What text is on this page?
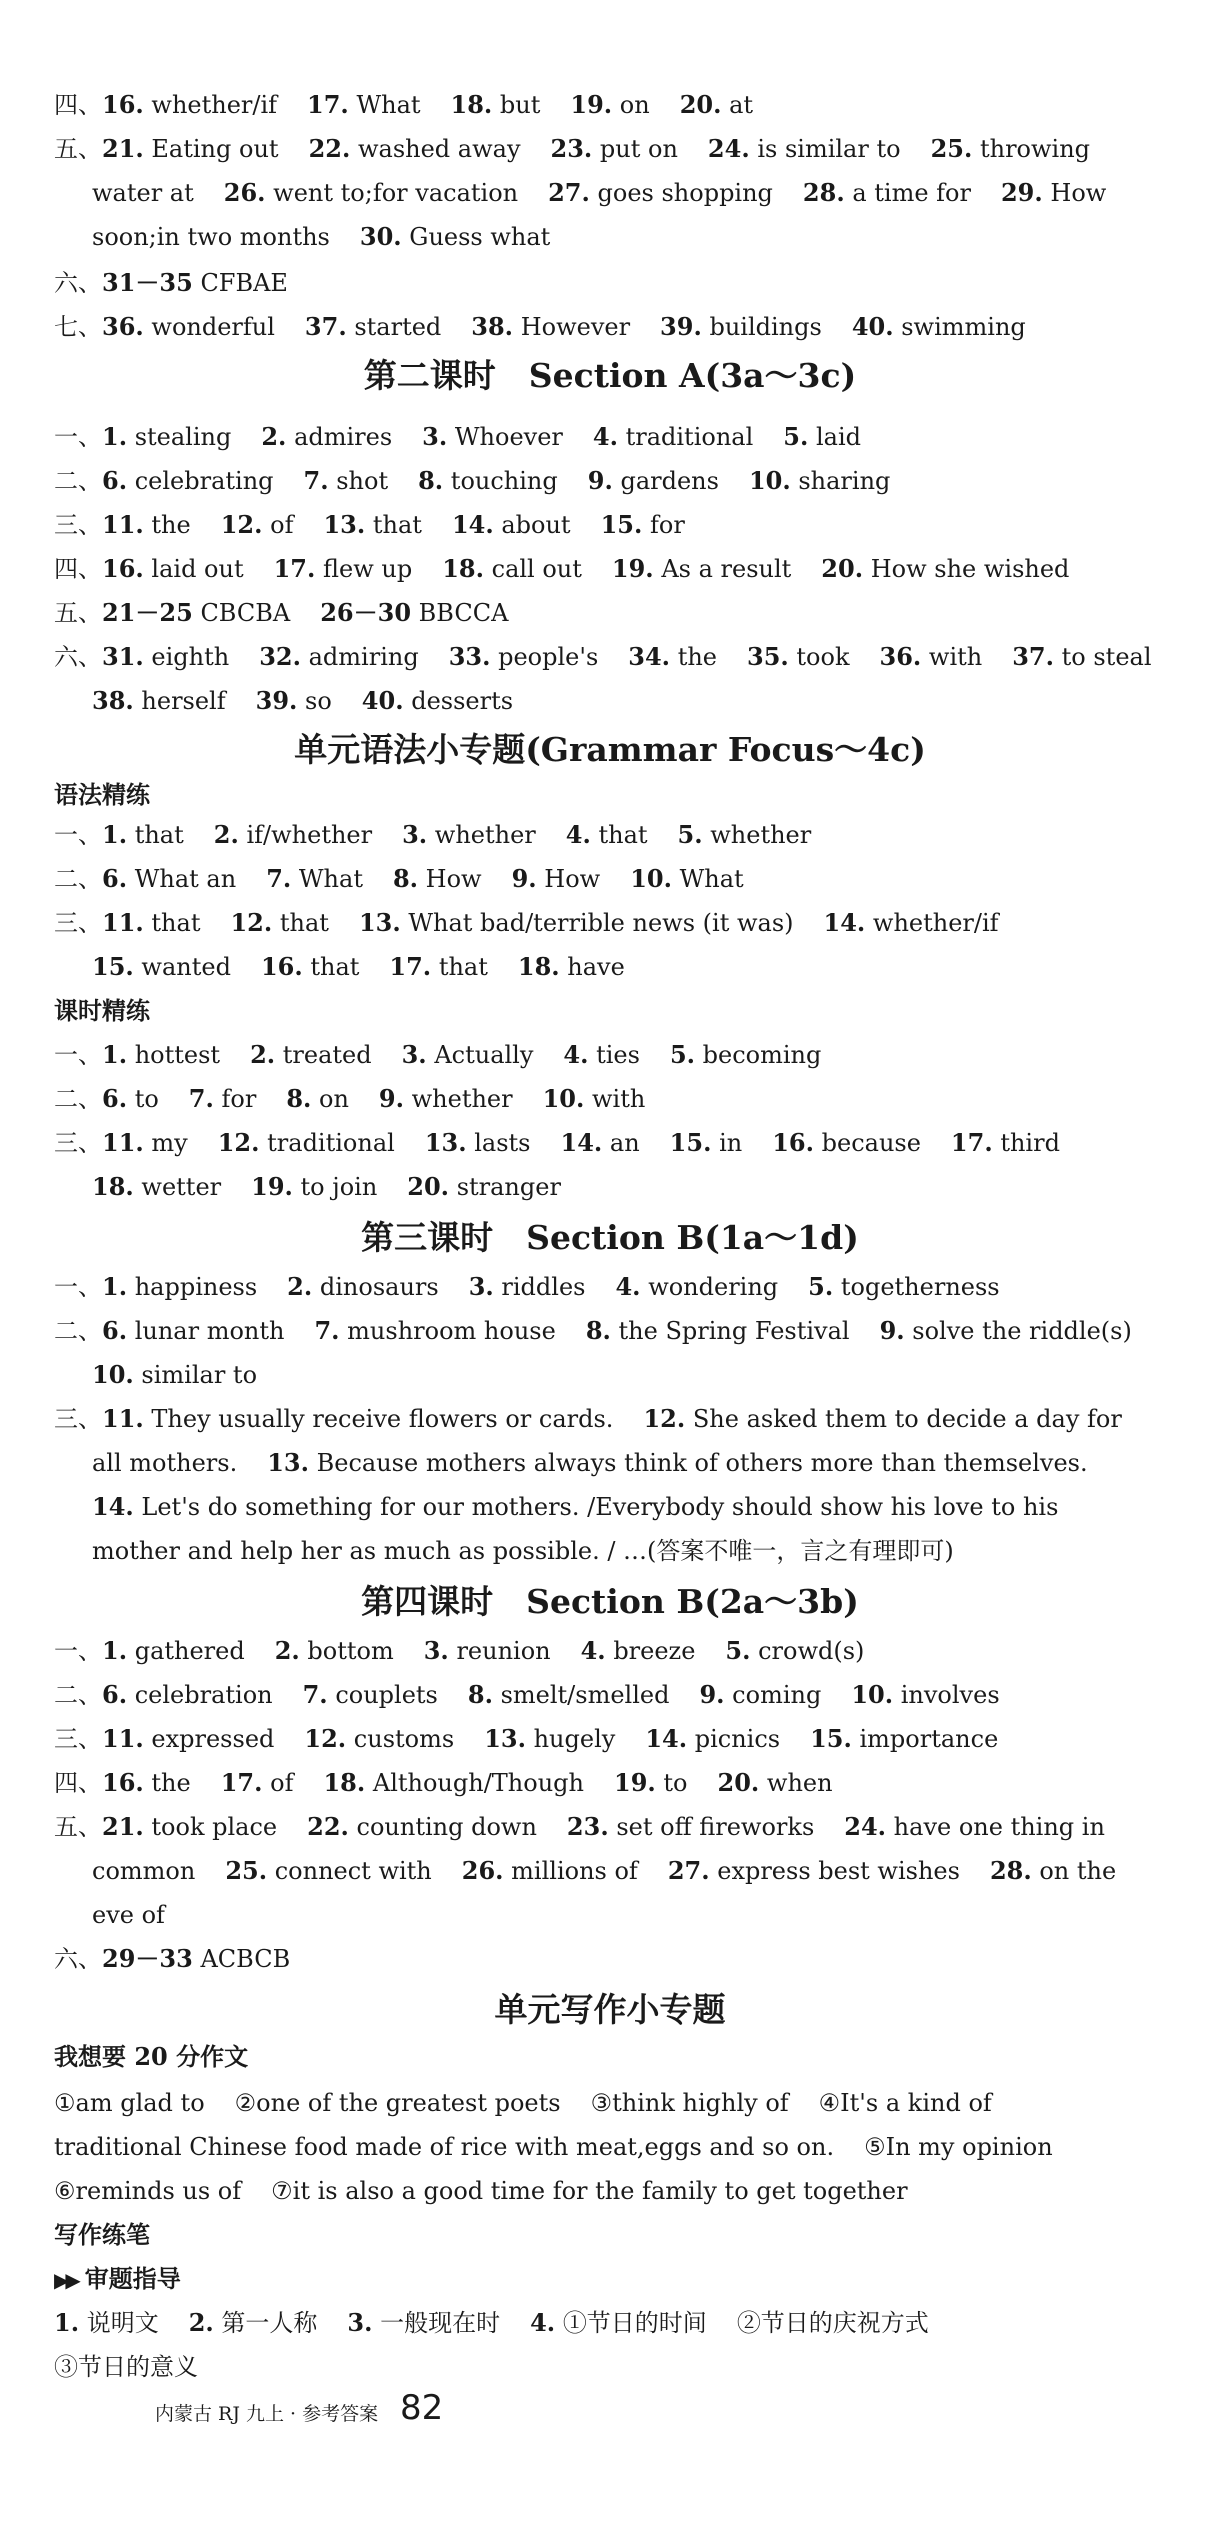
四、16. whether/if 17. What 18. but 19. on 20. at
五、21. Eating out 22. washed away 23. put on 24. is similar to 25. throwing
water at 26. went to;for vacation 27. goes shopping 28. a time for 29. How
soon;in two months 30. Guess what
六、31－35 CFBAE
七、36. wonderful 37. started 38. However 39. buildings 40. swimming
一、1. stealing 2. admires 3. Whoever 4. traditional 5. laid
二、6. celebrating 7. shot 8. touching 9. gardens 10. sharing
三、11. the 12. of 13. that 14. about 15. for
四、16. laid out 17. flew up 18. call out 19. As a result 20. How she wished
五、21－25 CBCBA 26－30 BBCCA
六、31. eighth 32. admiring 33. people's 34. the 35. took 36. with 37. to steal
38. herself 39. so 40. desserts
一、1. that 2. if/whether 3. whether 4. that 5. whether
二、6. What an 7. What 8. How 9. How 10. What
三、11. that 12. that 13. What bad/terrible news (it was) 14. whether/if
15. wanted 16. that 17. that 18. have
一、1. hottest 2. treated 3. Actually 4. ties 5. becoming
二、6. to 7. for 8. on 9. whether 10. with
三、11. my 12. traditional 13. lasts 14. an 15. in 16. because 17. third
18. wetter 19. to join 20. stranger
一、1. happiness 2. dinosaurs 3. riddles 4. wondering 5. togetherness
二、6. lunar month 7. mushroom house 8. the Spring Festival 9. solve the riddle(s)
10. similar to
三、11. They usually receive flowers or cards. 12. She asked them to decide a day for
all mothers. 13. Because mothers always think of others more than themselves.
14. Let's do something for our mothers. /Everybody should show his love to his
mother and help her as much as possible. / …(答案不唯一，言之有理即可)
一、1. gathered 2. bottom 3. reunion 4. breeze 5. crowd(s)
二、6. celebration 7. couplets 8. smelt/smelled 9. coming 10. involves
三、11. expressed 12. customs 13. hugely 14. picnics 15. importance
四、16. the 17. of 18. Although/Though 19. to 20. when
五、21. took place 22. counting down 23. set off fireworks 24. have one thing in
common 25. connect with 26. millions of 27. express best wishes 28. on the
eve of
六、29－33 ACBCB
①am glad to ②one of the greatest poets ③think highly of ④It's a kind of
traditional Chinese food made of rice with meat,eggs and so on. ⑤In my opinion
⑥reminds us of ⑦it is also a good time for the family to get together
1. 说明文 2. 第一人称 3. 一般现在时 4. ①节日的时间 ②节日的庆祝方式
③节日的意义
第二课时　Section A(3a～3c)
单元语法小专题(Grammar Focus～4c)
第三课时　Section B(1a～1d)
第四课时　Section B(2a～3b)
单元写作小专题
语法精练
课时精练
我想要 20 分作文
写作练笔
▶▶ 审题指导
内蒙古 RJ 九上 · 参考答案 82
